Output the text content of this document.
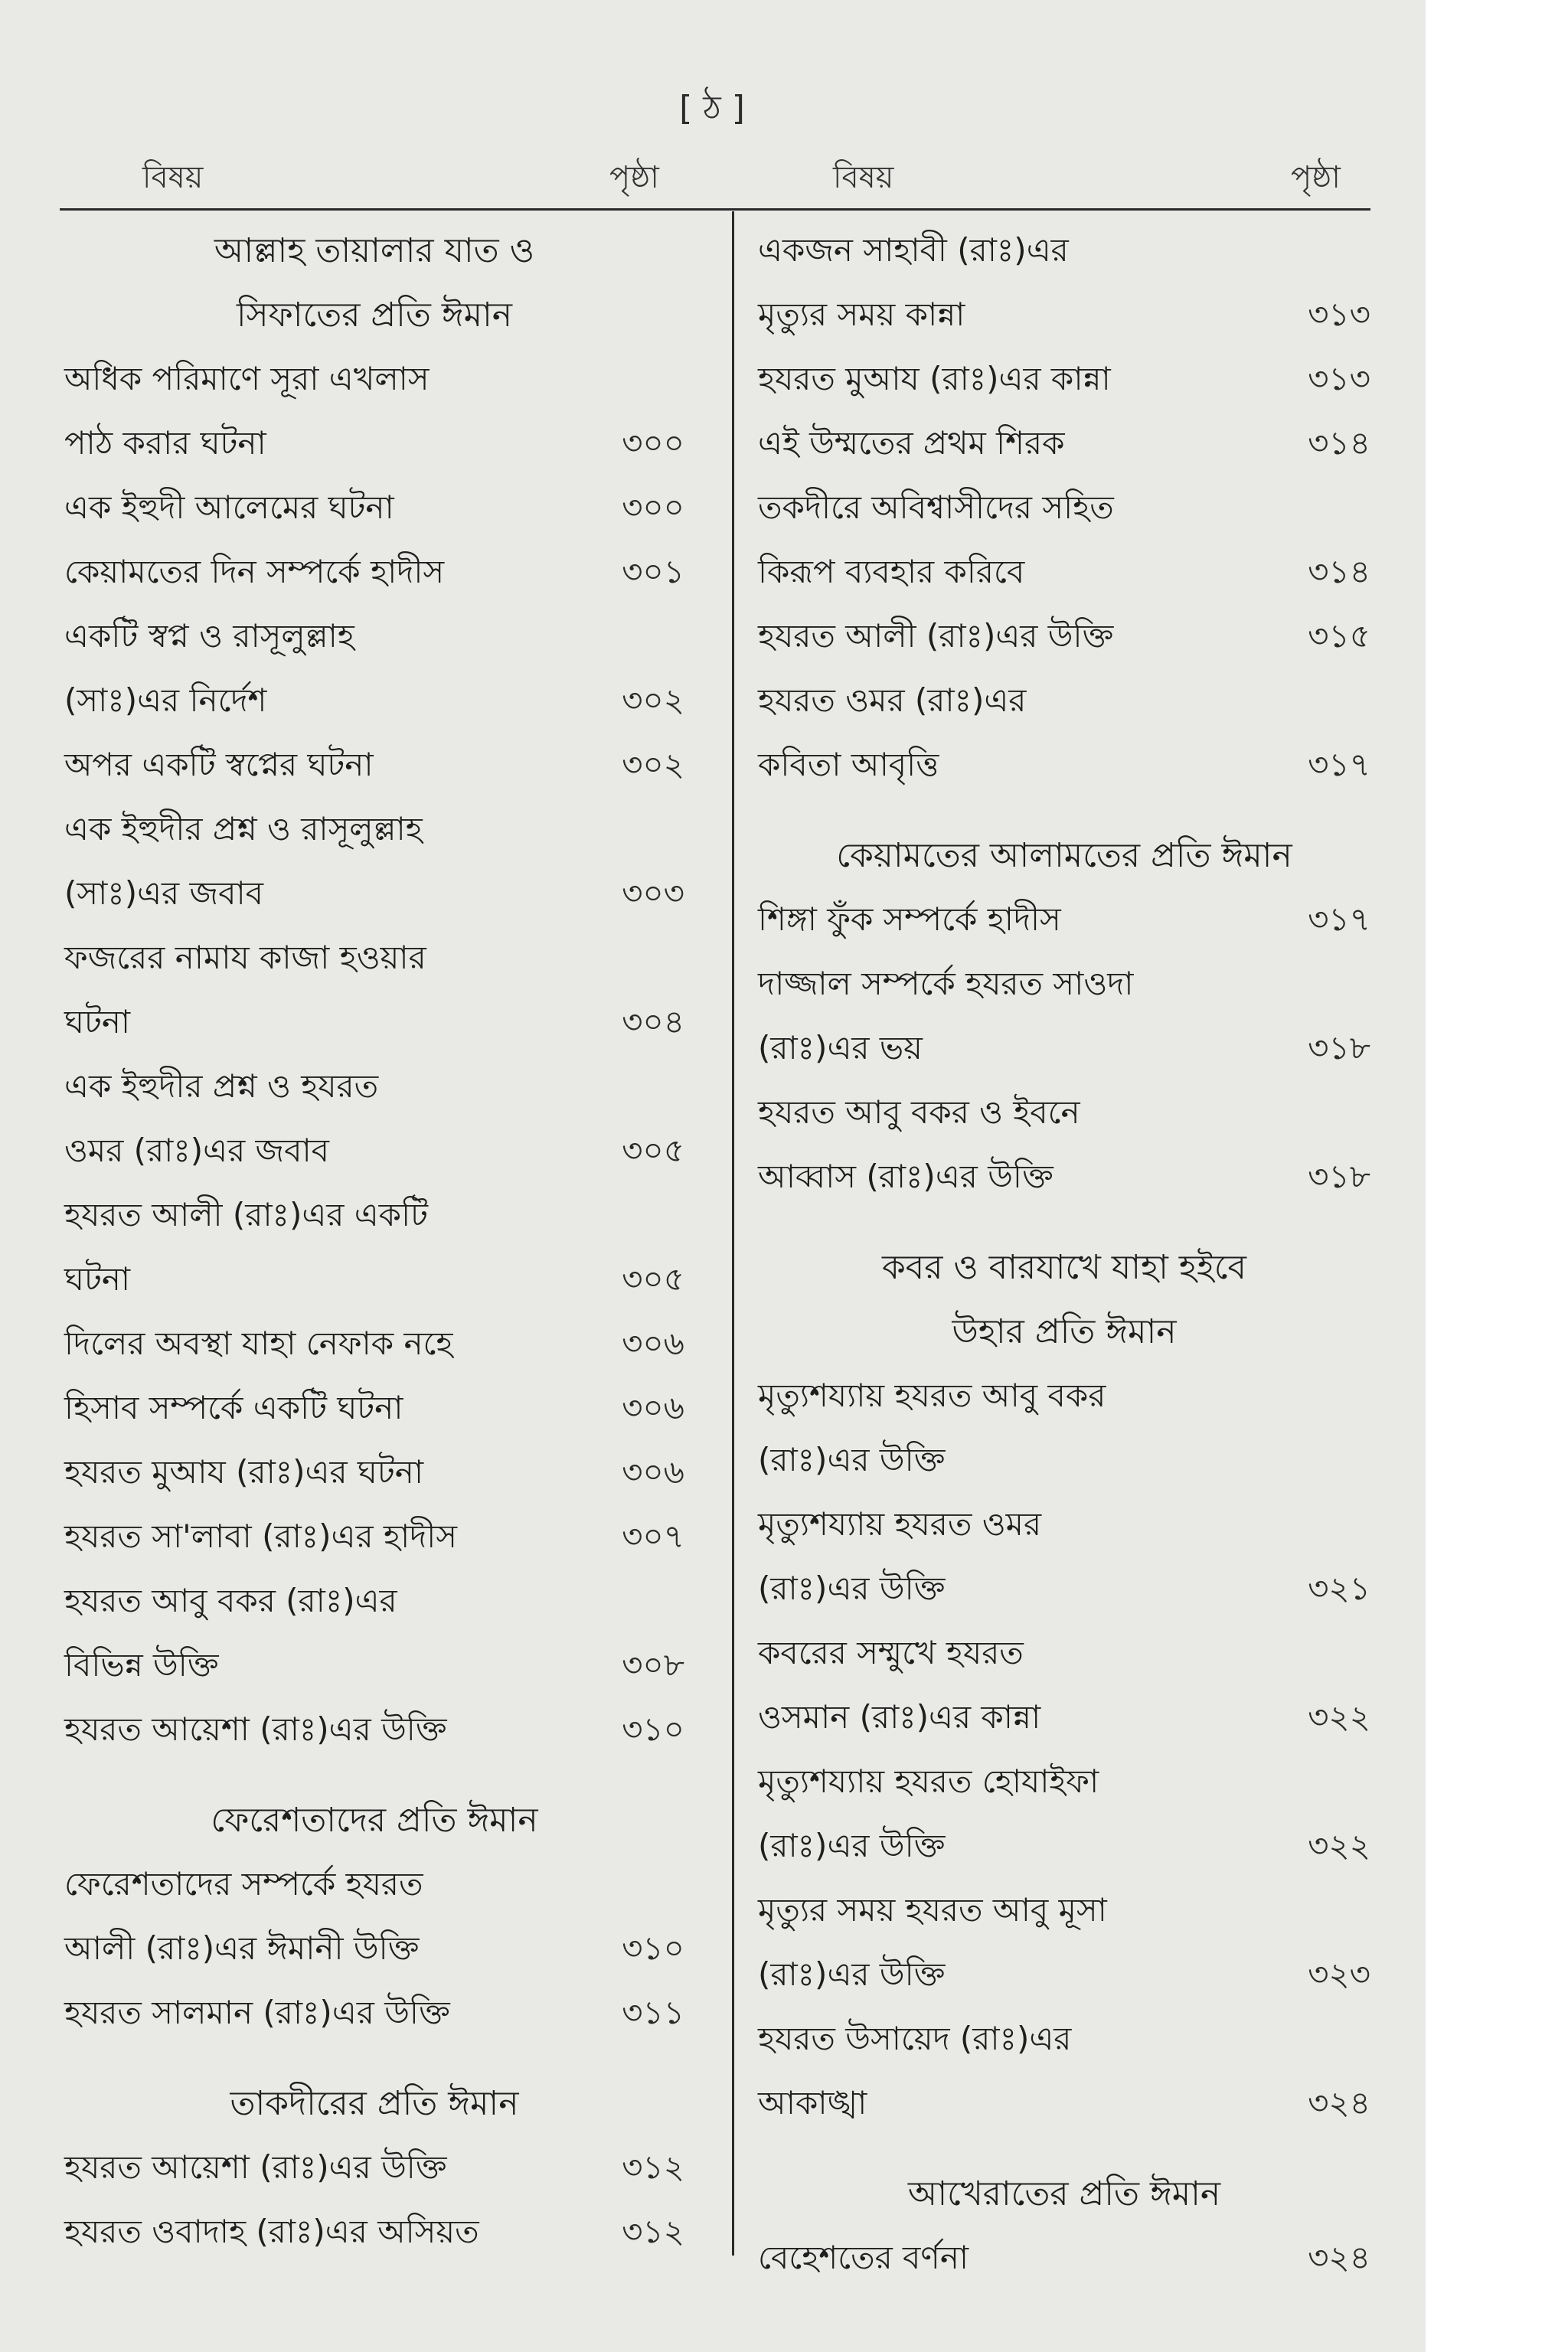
[ ঠ ]
বিষয়	পৃষ্ঠা	বিষয়	পৃষ্ঠা
আল্লাহ তায়ালার যাত ও
সিফাতের প্রতি ঈমান
অধিক পরিমাণে সূরা এখলাস
পাঠ করার ঘটনা	৩০০
এক ইহুদী আলেমের ঘটনা	৩০০
কেয়ামতের দিন সম্পর্কে হাদীস	৩০১
একটি স্বপ্ন ও রাসূলুল্লাহ
(সাঃ)এর নির্দেশ	৩০২
অপর একটি স্বপ্নের ঘটনা	৩০২
এক ইহুদীর প্রশ্ন ও রাসূলুল্লাহ
(সাঃ)এর জবাব	৩০৩
ফজরের নামায কাজা হওয়ার
ঘটনা	৩০৪
এক ইহুদীর প্রশ্ন ও হযরত
ওমর (রাঃ)এর জবাব	৩০৫
হযরত আলী (রাঃ)এর একটি
ঘটনা	৩০৫
দিলের অবস্থা যাহা নেফাক নহে	৩০৬
হিসাব সম্পর্কে একটি ঘটনা	৩০৬
হযরত মুআয (রাঃ)এর ঘটনা	৩০৬
হযরত সা'লাবা (রাঃ)এর হাদীস	৩০৭
হযরত আবু বকর (রাঃ)এর
বিভিন্ন উক্তি	৩০৮
হযরত আয়েশা (রাঃ)এর উক্তি	৩১০
ফেরেশতাদের প্রতি ঈমান
ফেরেশতাদের সম্পর্কে হযরত
আলী (রাঃ)এর ঈমানী উক্তি	৩১০
হযরত সালমান (রাঃ)এর উক্তি	৩১১
তাকদীরের প্রতি ঈমান
হযরত আয়েশা (রাঃ)এর উক্তি	৩১২
হযরত ওবাদাহ (রাঃ)এর অসিয়ত	৩১২
একজন সাহাবী (রাঃ)এর
মৃত্যুর সময় কান্না	৩১৩
হযরত মুআয (রাঃ)এর কান্না	৩১৩
এই উম্মতের প্রথম শিরক	৩১৪
তকদীরে অবিশ্বাসীদের সহিত
কিরূপ ব্যবহার করিবে	৩১৪
হযরত আলী (রাঃ)এর উক্তি	৩১৫
হযরত ওমর (রাঃ)এর
কবিতা আবৃত্তি	৩১৭
কেয়ামতের আলামতের প্রতি ঈমান
শিঙ্গা ফুঁক সম্পর্কে হাদীস	৩১৭
দাজ্জাল সম্পর্কে হযরত সাওদা
(রাঃ)এর ভয়	৩১৮
হযরত আবু বকর ও ইবনে
আব্বাস (রাঃ)এর উক্তি	৩১৮
কবর ও বারযাখে যাহা হইবে
উহার প্রতি ঈমান
মৃত্যুশয্যায় হযরত আবু বকর
(রাঃ)এর উক্তি
মৃত্যুশয্যায় হযরত ওমর
(রাঃ)এর উক্তি	৩২১
কবরের সম্মুখে হযরত
ওসমান (রাঃ)এর কান্না	৩২২
মৃত্যুশয্যায় হযরত হোযাইফা
(রাঃ)এর উক্তি	৩২২
মৃত্যুর সময় হযরত আবু মূসা
(রাঃ)এর উক্তি	৩২৩
হযরত উসায়েদ (রাঃ)এর
আকাঙ্খা	৩২৪
আখেরাতের প্রতি ঈমান
বেহেশতের বর্ণনা	৩২৪
